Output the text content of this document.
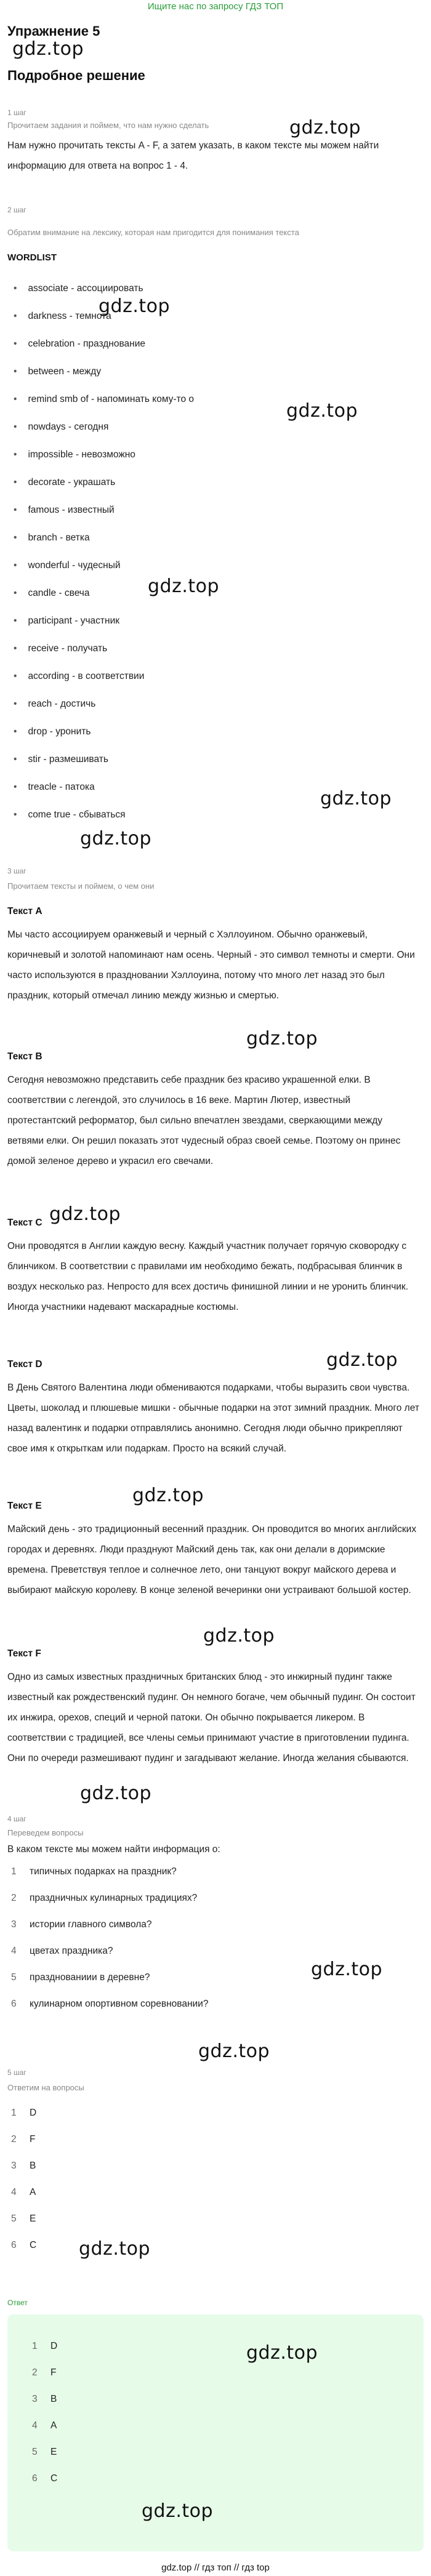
Ищите нас по запросу ГДЗ ТОП
Упражнение 5
gdz.top
Подробное решение
gdz.top
1 шаг
Прочитаем задания и поймем, что нам нужно сделать
Нам нужно прочитать тексты A - F, а затем указать, в каком тексте мы можем найти информацию для ответа на вопрос 1 - 4.
2 шаг
Обратим внимание на лексику, которая нам пригодится для понимания текста
WORDLIST
gdz.top
• associate - ассоциировать
• darkness - темнота
• celebration - празднование
• between - между
• remind smb of - напоминать кому-то о
gdz.top
• nowdays - сегодня
• impossible - невозможно
• decorate - украшать
• famous - известный
• branch - ветка
• wonderful - чудесный
gdz.top
• candle - свеча
• participant - участник
• receive - получать
• according - в соответствии
• reach - достичь
• drop - уронить
• stir - размешивать
• treacle - патока
gdz.top
• come true - сбываться
gdz.top
3 шаг
Прочитаем тексты и поймем, о чем они
Текст A
Мы часто ассоциируем оранжевый и черный с Хэллоуином. Обычно оранжевый, коричневый и золотой напоминают нам осень. Черный - это символ темноты и смерти. Они часто используются в праздновании Хэллоуина, потому что много лет назад это был праздник, который отмечал линию между жизнью и смертью.
gdz.top
Текст B
Сегодня невозможно представить себе праздник без красиво украшенной елки. В соответствии с легендой, это случилось в 16 веке. Мартин Лютер, известный протестантский реформатор, был сильно впечатлен звездами, сверкающими между ветвями елки. Он решил показать этот чудесный образ своей семье. Поэтому он принес домой зеленое дерево и украсил его свечами.
Текст C gdz.top
Они проводятся в Англии каждую весну. Каждый участник получает горячую сковородку с блинчиком. В соответствии с правилами им необходимо бежать, подбрасывая блинчик в воздух несколько раз. Непросто для всех достичь финишной линии и не уронить блинчик. Иногда участники надевают маскарадные костюмы.
gdz.top
Текст D
В День Святого Валентина люди обмениваются подарками, чтобы выразить свои чувства. Цветы, шоколад и плюшевые мишки - обычные подарки на этот зимний праздник. Много лет назад валентинк и подарки отправлялись анонимно. Сегодня люди обычно прикрепляют свое имя к открыткам или подаркам. Просто на всякий случай.
gdz.top
Текст E
Майский день - это традиционный весенний праздник. Он проводится во многих английских городах и деревнях. Люди празднуют Майский день так, как они делали в доримские времена. Преветствуя теплое и солнечное лето, они танцуют вокруг майского дерева и выбирают майскую королеву. В конце зеленой вечеринки они устраивают большой костер.
gdz.top
Текст F
Одно из самых известных праздничных британских блюд - это инжирный пудинг также известный как рождественский пудинг. Он немного богаче, чем обычный пудинг. Он состоит их инжира, орехов, специй и черной патоки. Он обычно покрывается ликером. В соответствии с традицией, все члены семьи принимают участие в приготовлении пудинга. Они по очереди размешивают пудинг и загадывают желание. Иногда желания сбываются.
gdz.top
4 шаг
Переведем вопросы
В каком тексте мы можем найти информация о:
1 типичных подарках на праздник?
2 праздничных кулинарных традициях?
3 истории главного символа?
4 цветах праздника?
gdz.top
5 празднованиии в деревне?
6 кулинарном опортивном соревновании?
gdz.top
5 шаг
Ответим на вопросы
1 D
2 F
3 B
4 A
5 E
6 C gdz.top
Ответ
1 D	gdz.top
2 F
3 B
4 A
5 E
6 C
gdz.top
gdz.top // гдз топ // гдз top
